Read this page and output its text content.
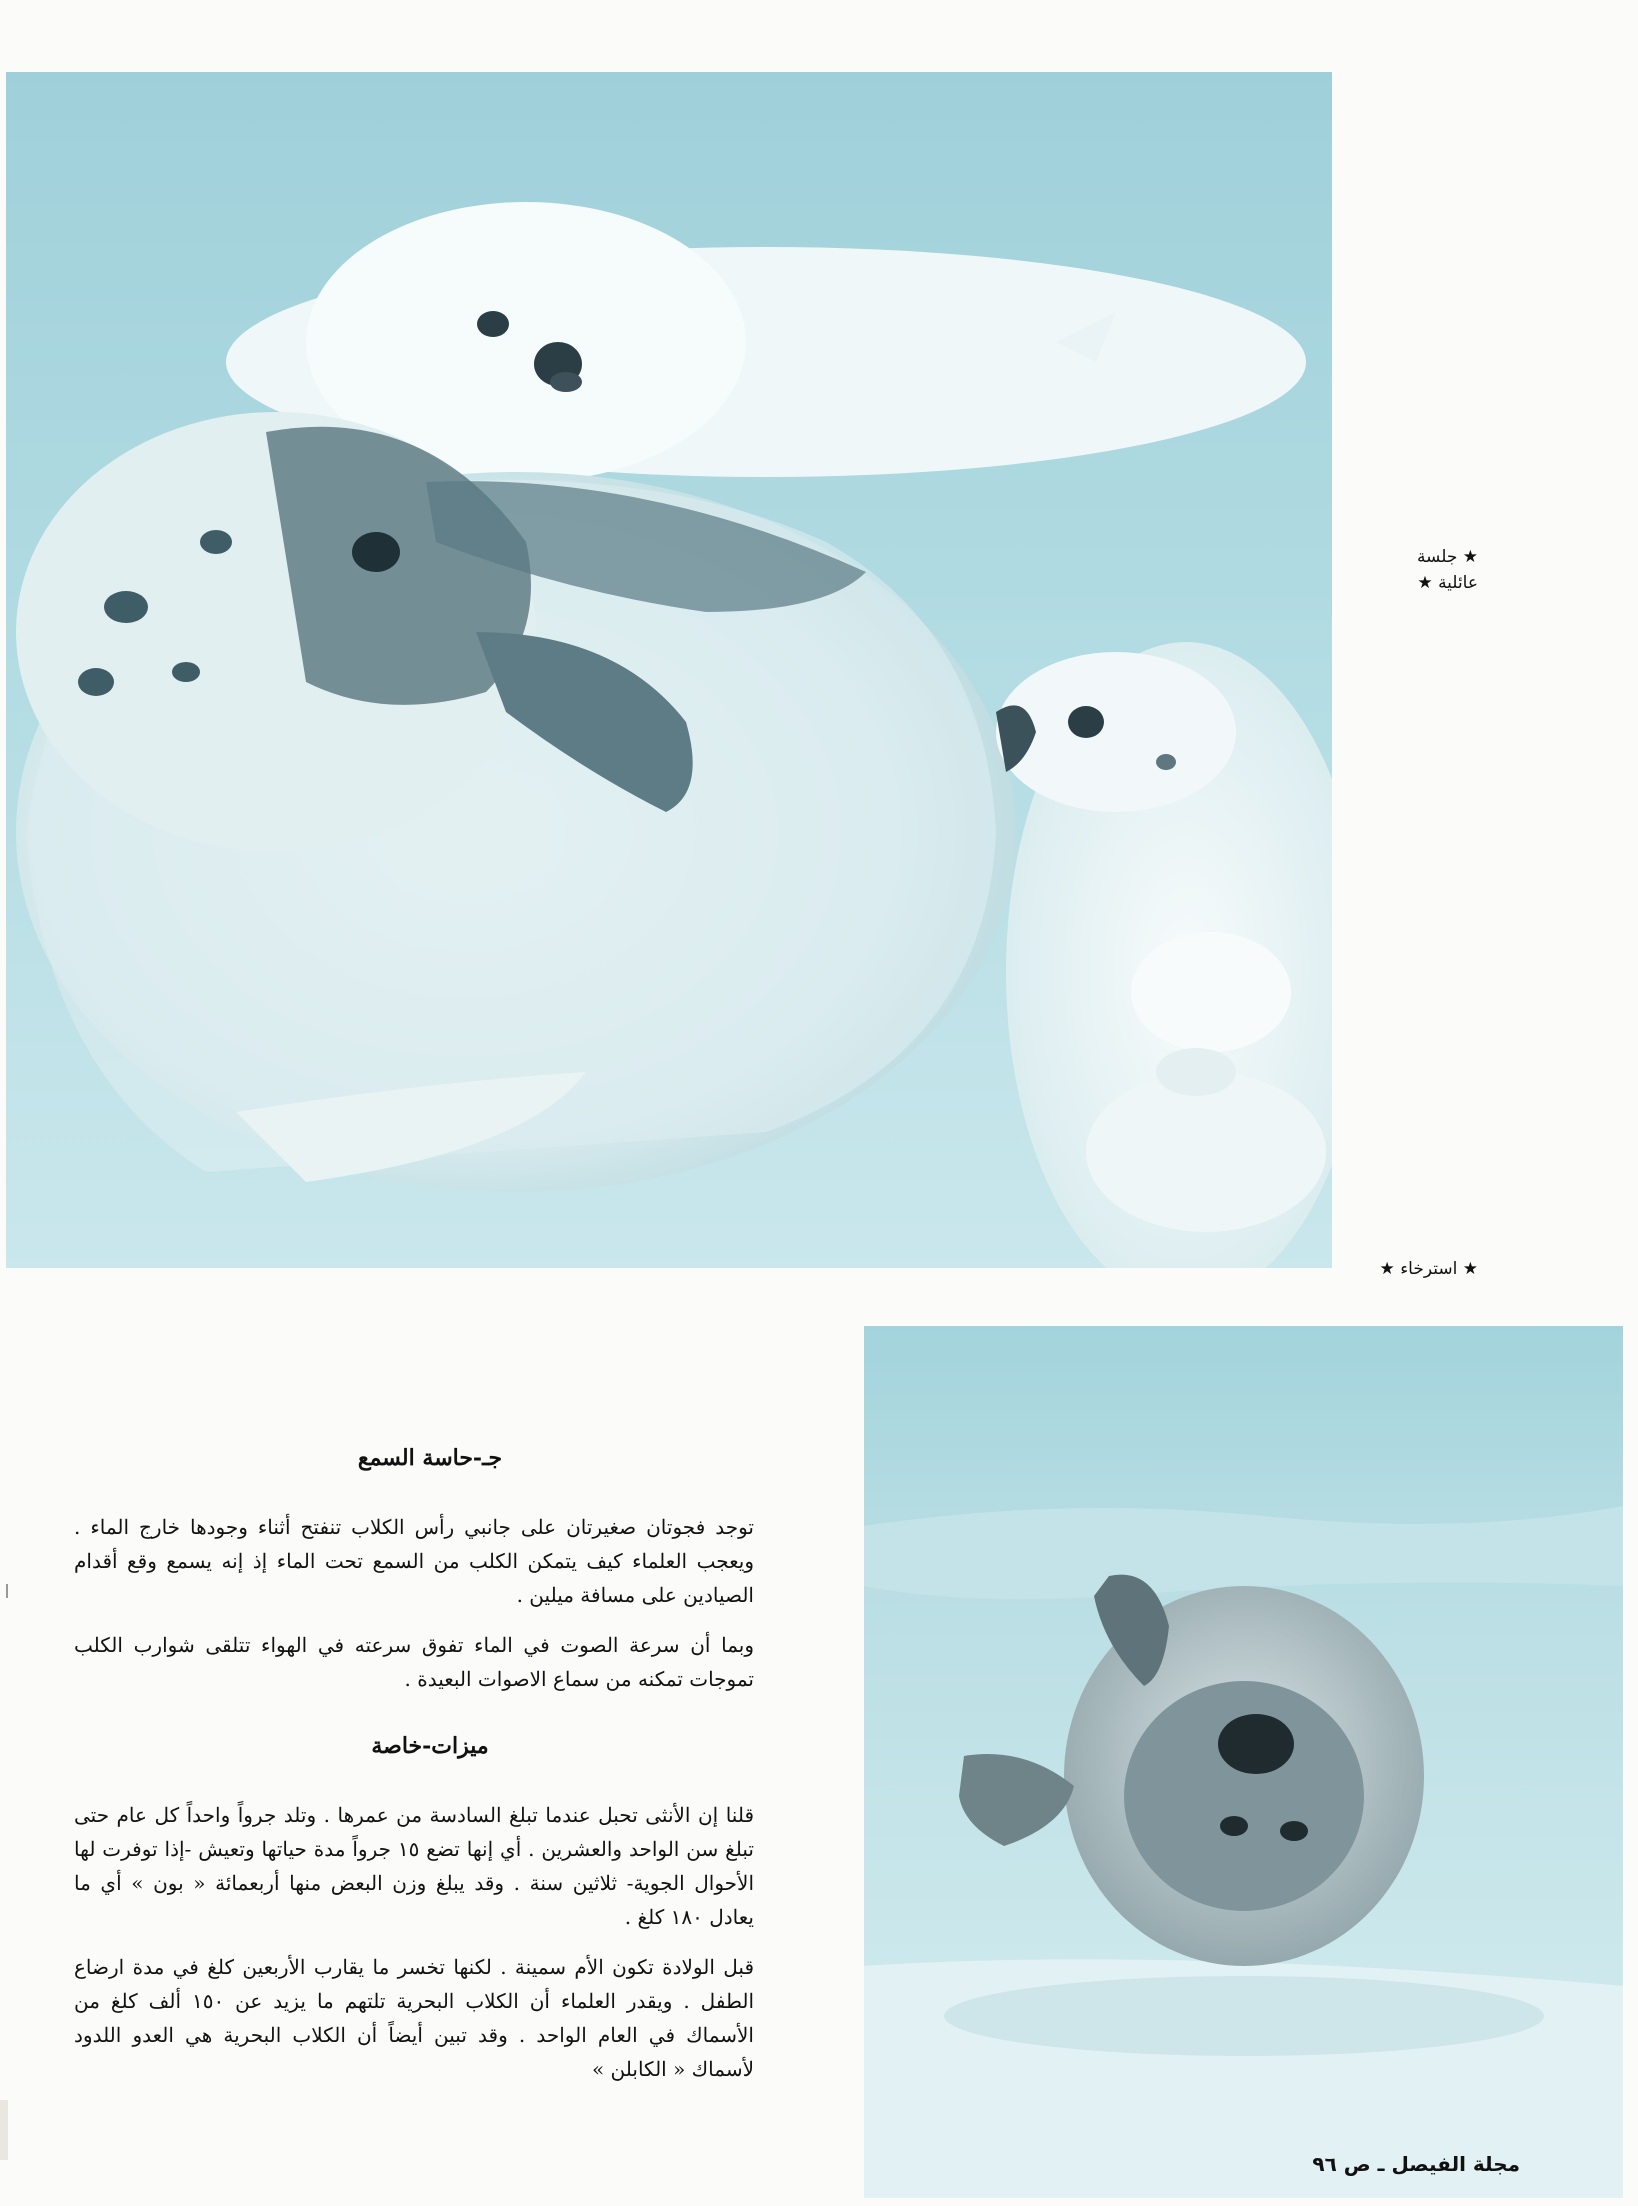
★ جلسة
عائلية ★
★ استرخاء ★
جـ‑حاسة السمع
توجد فجوتان صغيرتان على جانبي رأس الكلاب تنفتح أثناء وجودها خارج الماء . ويعجب العلماء كيف يتمكن الكلب من السمع تحت الماء إذ إنه يسمع وقع أقدام الصيادين على مسافة ميلين .
وبما أن سرعة الصوت في الماء تفوق سرعته في الهواء تتلقى شوارب الكلب تموجات تمكنه من سماع الاصوات البعيدة .
ميزات‑خاصة
قلنا إن الأنثى تحبل عندما تبلغ السادسة من عمرها . وتلد جرواً واحداً كل عام حتى تبلغ سن الواحد والعشرين . أي إنها تضع ١٥ جرواً مدة حياتها وتعيش ‑إذا توفرت لها الأحوال الجوية‑ ثلاثين سنة . وقد يبلغ وزن البعض منها أربعمائة « بون » أي ما يعادل ١٨٠ كلغ .
قبل الولادة تكون الأم سمينة . لكنها تخسر ما يقارب الأربعين كلغ في مدة ارضاع الطفل . ويقدر العلماء أن الكلاب البحرية تلتهم ما يزيد عن ١٥٠ ألف كلغ من الأسماك في العام الواحد . وقد تبين أيضاً أن الكلاب البحرية هي العدو اللدود لأسماك « الكابلن »
مجلة الفيصل ـ ص ٩٦
